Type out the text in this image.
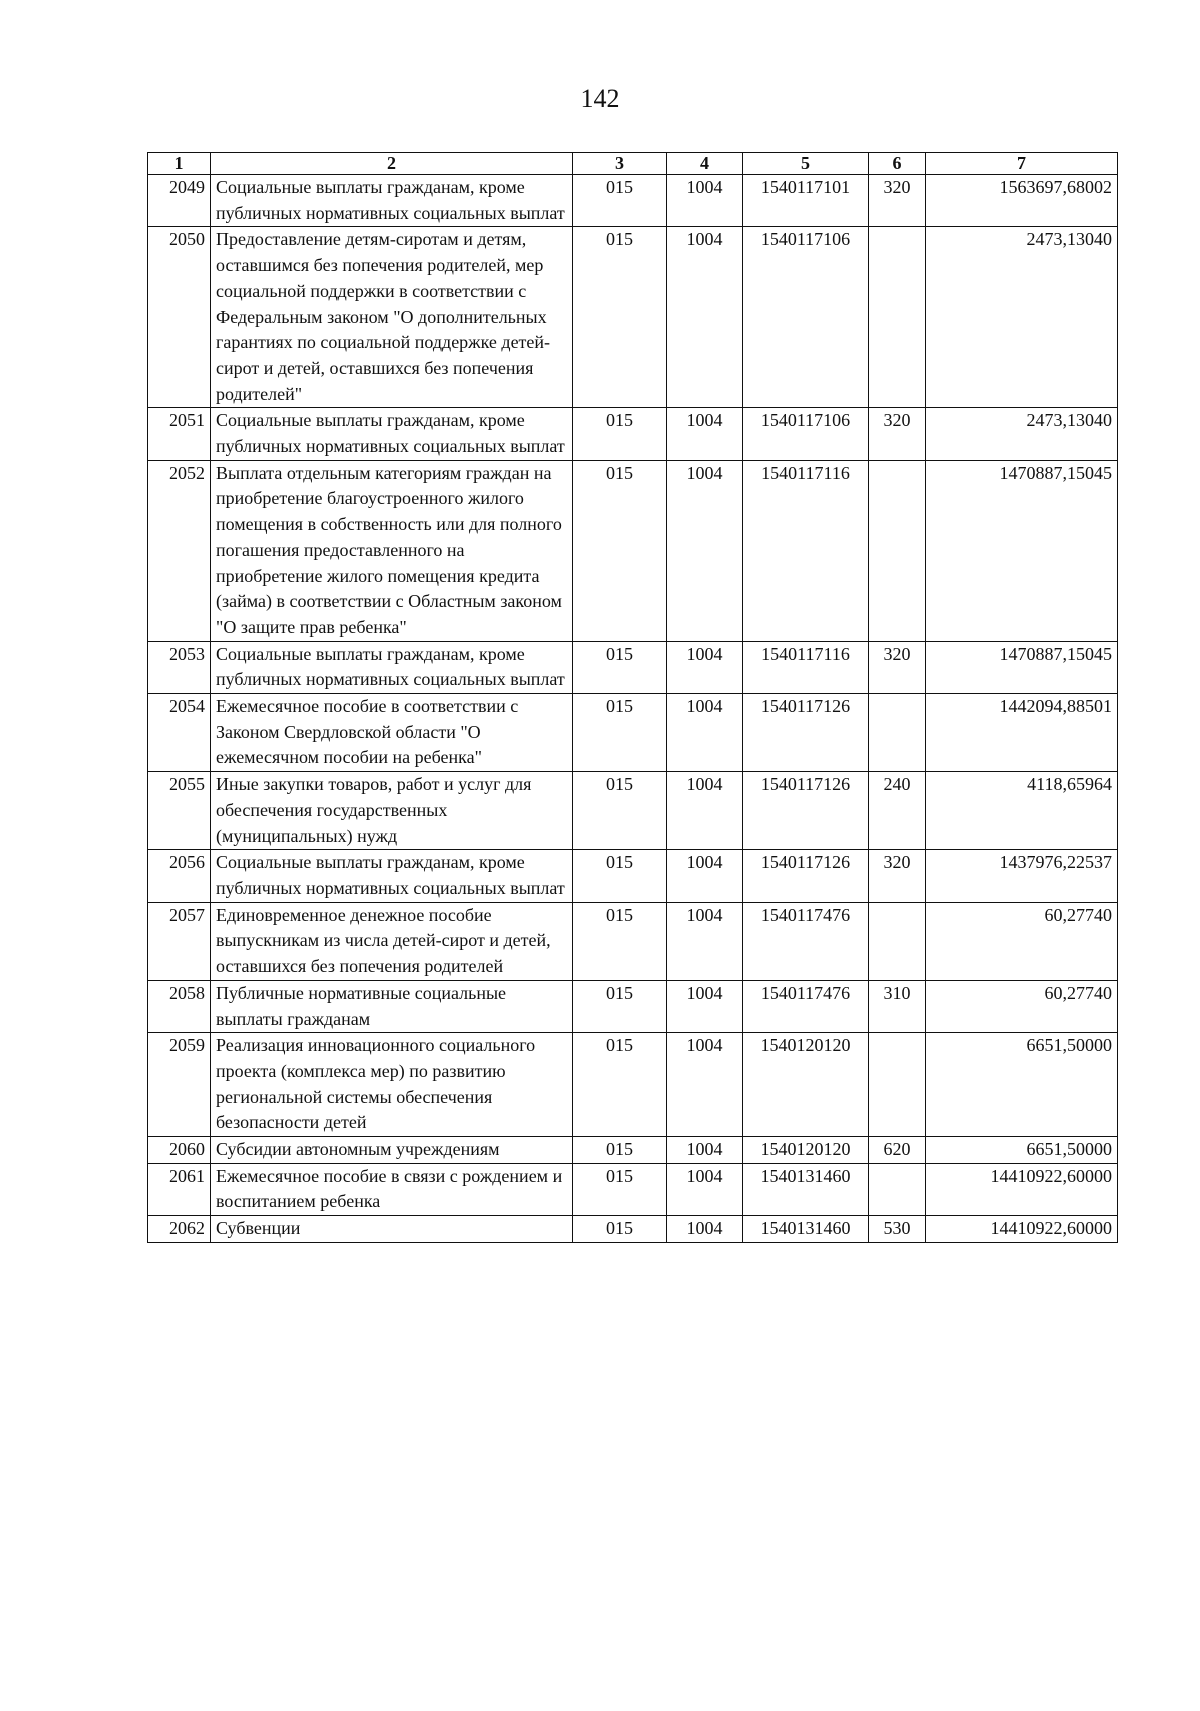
142
1	2	3	4	5	6	7
2049	Социальные выплаты гражданам, кроме публичных нормативных социальных выплат	015	1004	1540117101	320	1563697,68002
2050	Предоставление детям-сиротам и детям, оставшимся без попечения родителей, мер социальной поддержки в соответствии с Федеральным законом "О дополнительных гарантиях по социальной поддержке детей-сирот и детей, оставшихся без попечения родителей"	015	1004	1540117106		2473,13040
2051	Социальные выплаты гражданам, кроме публичных нормативных социальных выплат	015	1004	1540117106	320	2473,13040
2052	Выплата отдельным категориям граждан на приобретение благоустроенного жилого помещения в собственность или для полного погашения предоставленного на приобретение жилого помещения кредита (займа) в соответствии с Областным законом "О защите прав ребенка"	015	1004	1540117116		1470887,15045
2053	Социальные выплаты гражданам, кроме публичных нормативных социальных выплат	015	1004	1540117116	320	1470887,15045
2054	Ежемесячное пособие в соответствии с Законом Свердловской области "О ежемесячном пособии на ребенка"	015	1004	1540117126		1442094,88501
2055	Иные закупки товаров, работ и услуг для обеспечения государственных (муниципальных) нужд	015	1004	1540117126	240	4118,65964
2056	Социальные выплаты гражданам, кроме публичных нормативных социальных выплат	015	1004	1540117126	320	1437976,22537
2057	Единовременное денежное пособие выпускникам из числа детей-сирот и детей, оставшихся без попечения родителей	015	1004	1540117476		60,27740
2058	Публичные нормативные социальные выплаты гражданам	015	1004	1540117476	310	60,27740
2059	Реализация инновационного социального проекта (комплекса мер) по развитию региональной системы обеспечения безопасности детей	015	1004	1540120120		6651,50000
2060	Субсидии автономным учреждениям	015	1004	1540120120	620	6651,50000
2061	Ежемесячное пособие в связи с рождением и воспитанием ребенка	015	1004	1540131460		14410922,60000
2062	Субвенции	015	1004	1540131460	530	14410922,60000
